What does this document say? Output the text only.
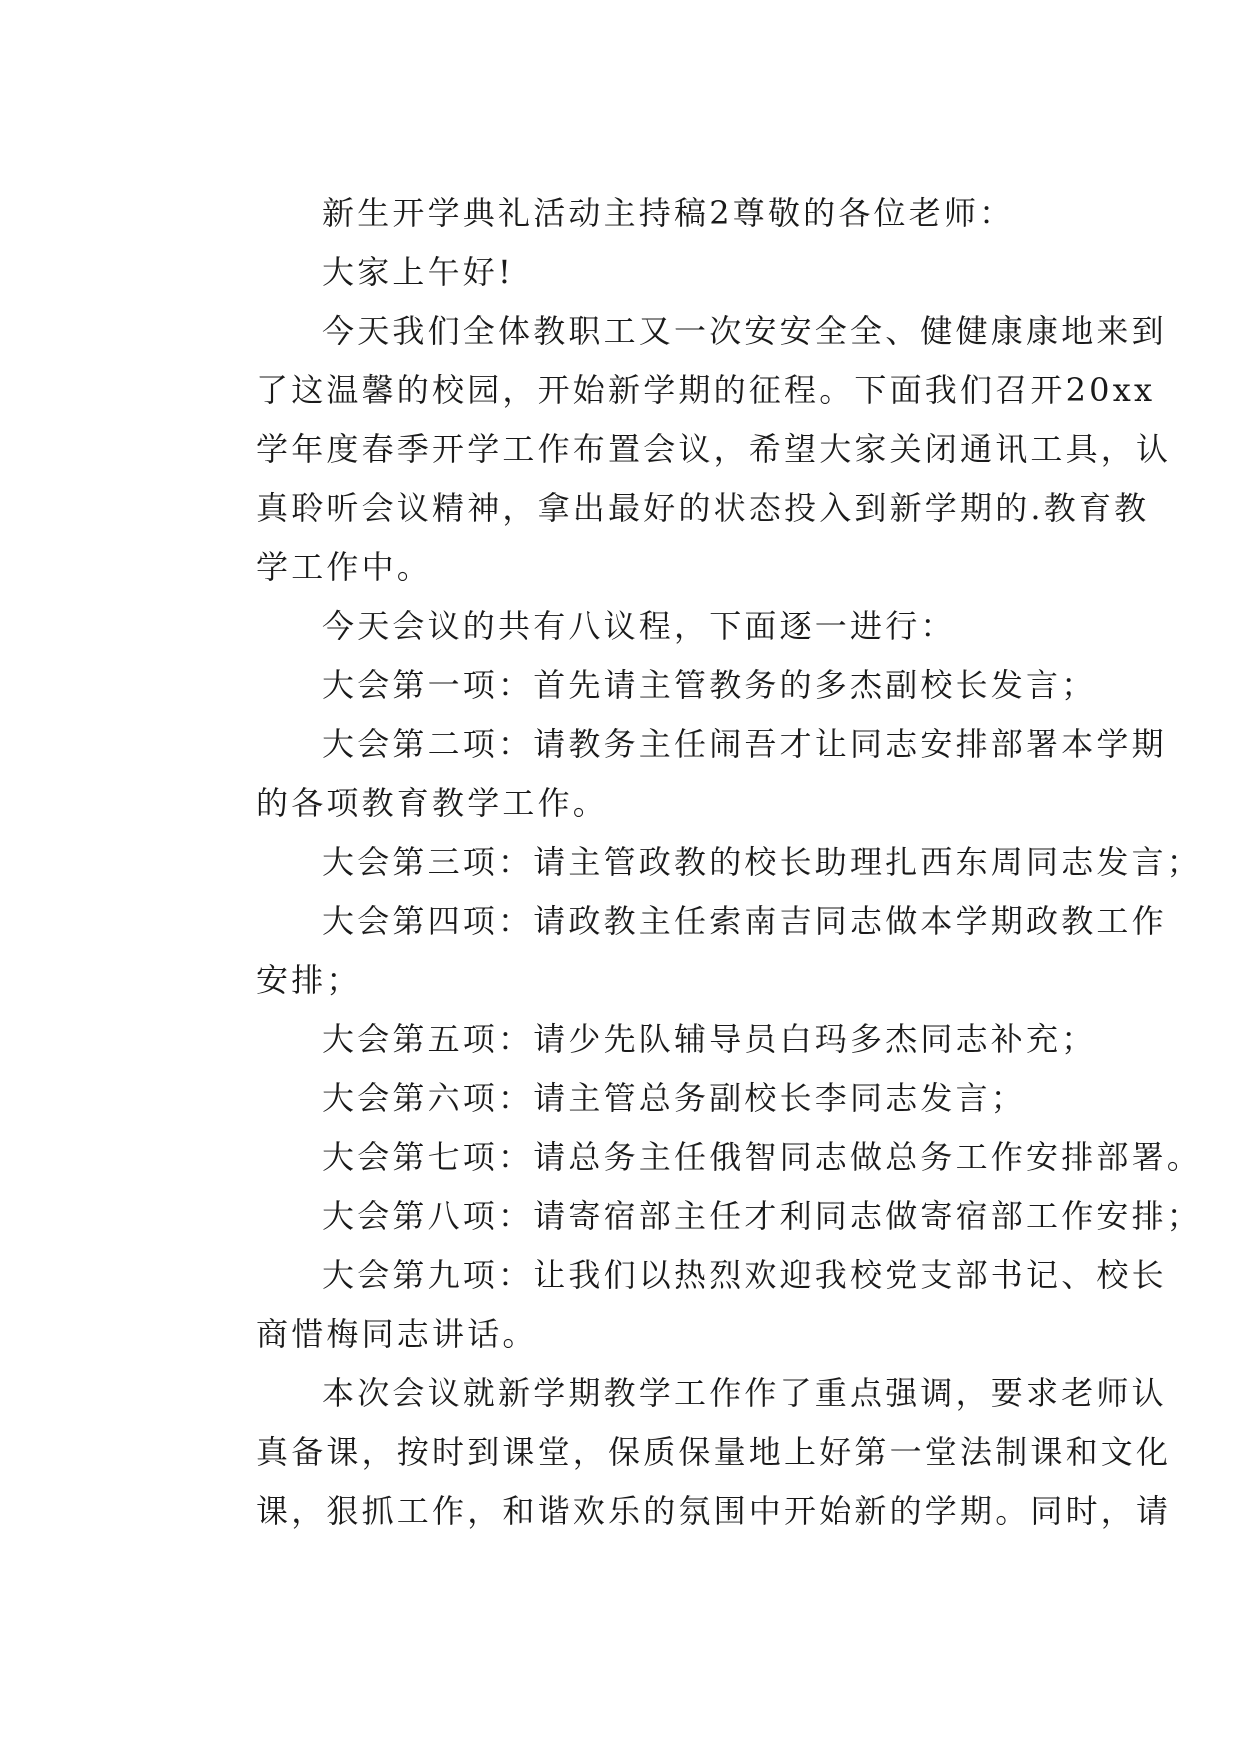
新生开学典礼活动主持稿2尊敬的各位老师：
大家上午好!
今天我们全体教职工又一次安安全全、健健康康地来到
了这温馨的校园，开始新学期的征程。下面我们召开20xx
学年度春季开学工作布置会议，希望大家关闭通讯工具，认
真聆听会议精神，拿出最好的状态投入到新学期的.教育教
学工作中。
今天会议的共有八议程，下面逐一进行：
大会第一项：首先请主管教务的多杰副校长发言；
大会第二项：请教务主任闹吾才让同志安排部署本学期
的各项教育教学工作。
大会第三项：请主管政教的校长助理扎西东周同志发言；
大会第四项：请政教主任索南吉同志做本学期政教工作
安排；
大会第五项：请少先队辅导员白玛多杰同志补充；
大会第六项：请主管总务副校长李同志发言；
大会第七项：请总务主任俄智同志做总务工作安排部署。
大会第八项：请寄宿部主任才利同志做寄宿部工作安排；
大会第九项：让我们以热烈欢迎我校党支部书记、校长
商惜梅同志讲话。
本次会议就新学期教学工作作了重点强调，要求老师认
真备课，按时到课堂，保质保量地上好第一堂法制课和文化
课，狠抓工作，和谐欢乐的氛围中开始新的学期。同时，请
